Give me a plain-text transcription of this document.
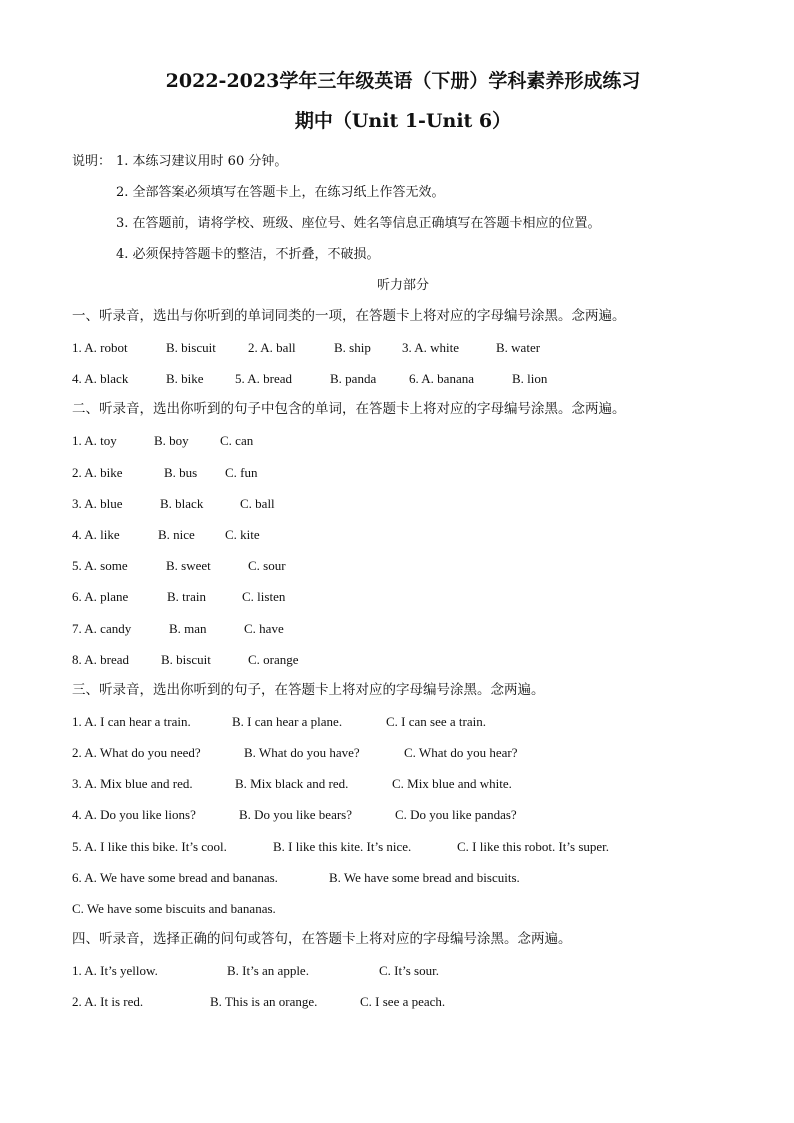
2022-2023学年三年级英语（下册）学科素养形成练习
期中（Unit 1-Unit 6）
说明： 1. 本练习建议用时 60 分钟。
2. 全部答案必须填写在答题卡上，在练习纸上作答无效。
3. 在答题前，请将学校、班级、座位号、姓名等信息正确填写在答题卡相应的位置。
4. 必须保持答题卡的整洁，不折叠，不破损。
听力部分
一、听录音，选出与你听到的单词同类的一项，在答题卡上将对应的字母编号涂黑。念两遍。
1. A. robot	B. biscuit 2. A. ball	B. ship 3. A. white	B. water
4. A. black	B. bike 5. A. bread	B. panda	6. A. banana	B. lion
二、听录音，选出你听到的句子中包含的单词，在答题卡上将对应的字母编号涂黑。念两遍。
1. A. toy	B. boy C. can
2. A. bike	B. bus C. fun
3. A. blue	B. black	C. ball
4. A. like	B. nice C. kite
5. A. some	B. sweet	C. sour
6. A. plane	B. train	C. listen
7. A. candy	B. man	C. have
8. A. bread B. biscuit	C. orange
三、听录音，选出你听到的句子，在答题卡上将对应的字母编号涂黑。念两遍。
1. A. I can hear a train.	B. I can hear a plane.	C. I can see a train.
2. A. What do you need?	B. What do you have?	C. What do you hear?
3. A. Mix blue and red.	B. Mix black and red.	C. Mix blue and white.
4. A. Do you like lions?	B. Do you like bears?	C. Do you like pandas?
5. A. I like this bike. It’s cool.	B. I like this kite. It’s nice.	C. I like this robot. It’s super.
6. A. We have some bread and bananas.	B. We have some bread and biscuits.
C. We have some biscuits and bananas.
四、听录音，选择正确的问句或答句，在答题卡上将对应的字母编号涂黑。念两遍。
1. A. It’s yellow.	B. It’s an apple.	C. It’s sour.
2. A. It is red.	B. This is an orange.	C. I see a peach.
